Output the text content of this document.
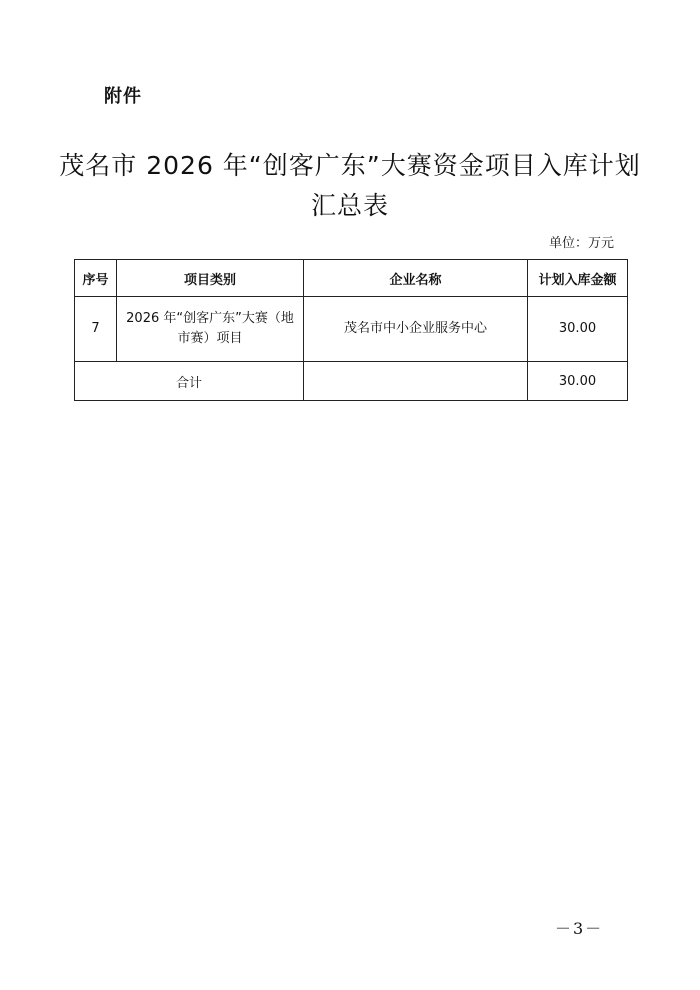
附件
茂名市 2026 年“创客广东”大赛资金项目入库计划
汇总表
单位：万元
序号	项目类别	企业名称	计划入库金额
7	2026 年“创客广东”大赛（地市赛）项目	茂名市中小企业服务中心	30.00
合计			30.00
－3－
